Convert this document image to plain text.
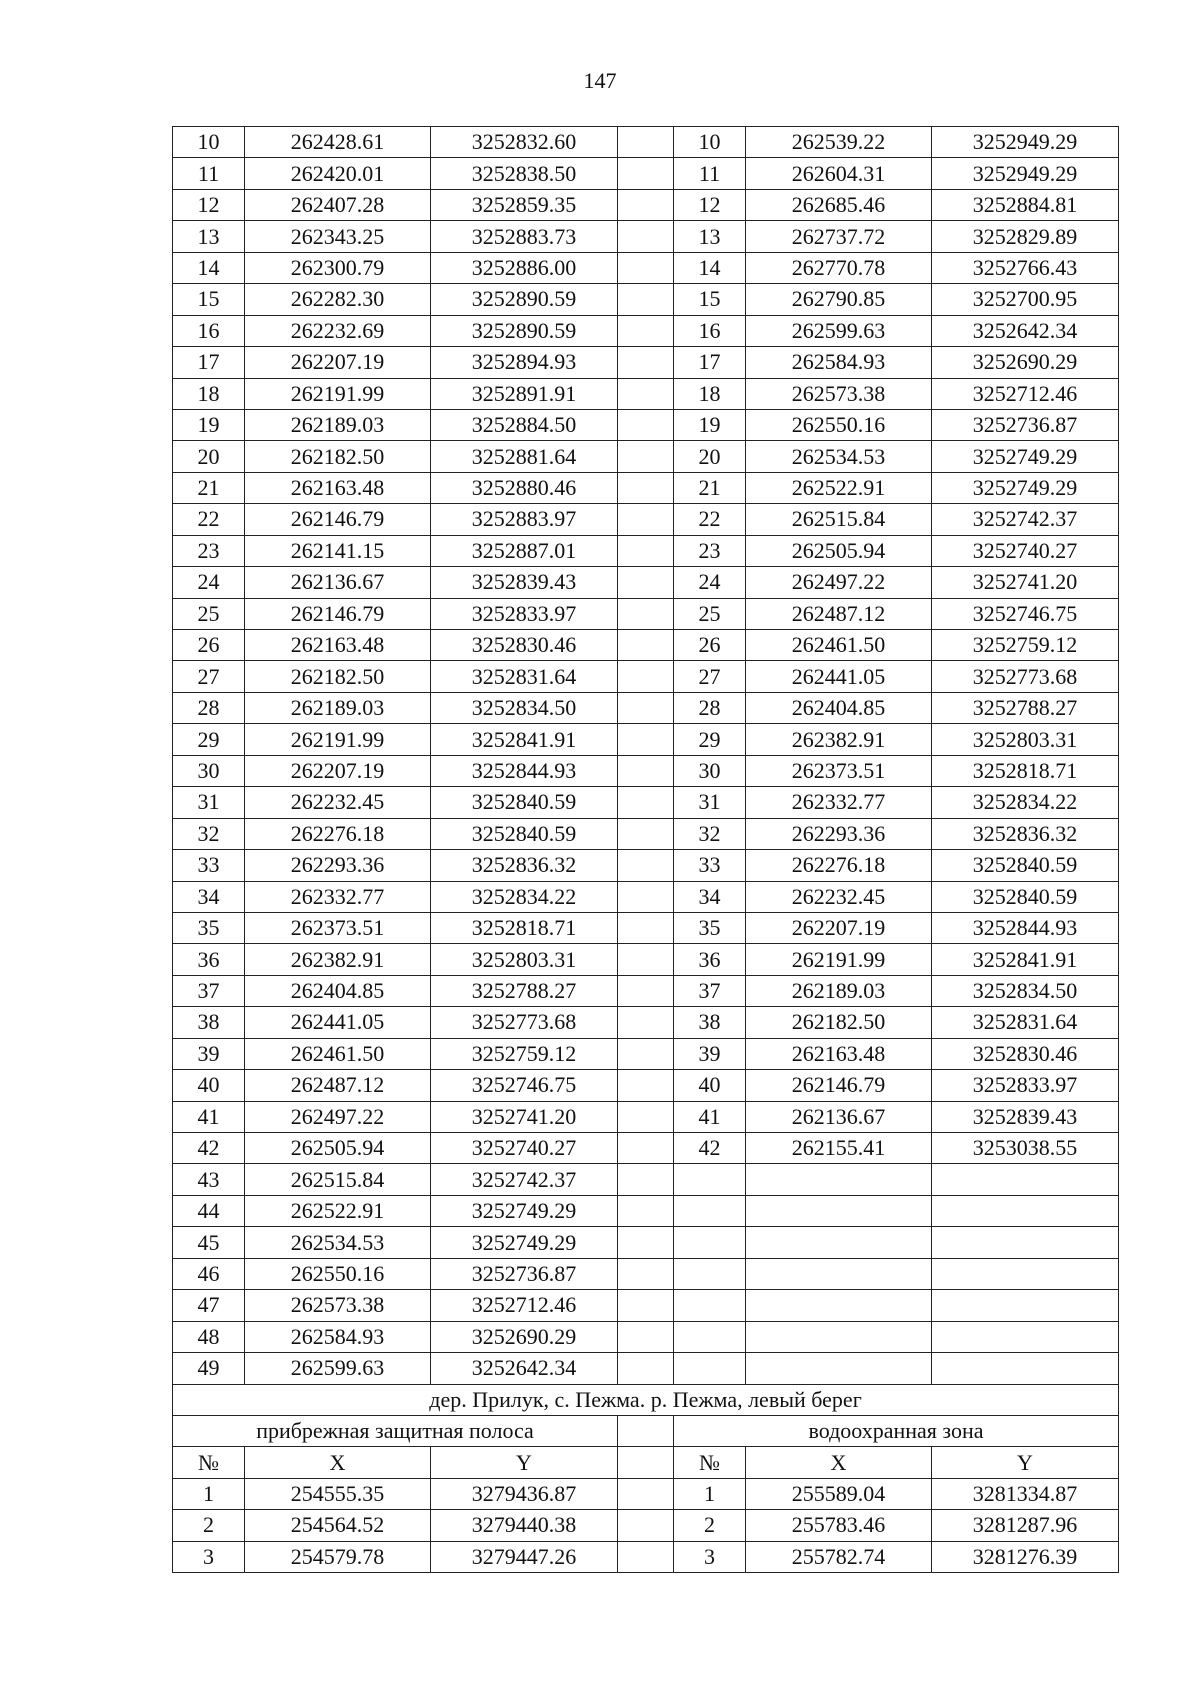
147
10	262428.61	3252832.60		10	262539.22	3252949.29
11	262420.01	3252838.50		11	262604.31	3252949.29
12	262407.28	3252859.35		12	262685.46	3252884.81
13	262343.25	3252883.73		13	262737.72	3252829.89
14	262300.79	3252886.00		14	262770.78	3252766.43
15	262282.30	3252890.59		15	262790.85	3252700.95
16	262232.69	3252890.59		16	262599.63	3252642.34
17	262207.19	3252894.93		17	262584.93	3252690.29
18	262191.99	3252891.91		18	262573.38	3252712.46
19	262189.03	3252884.50		19	262550.16	3252736.87
20	262182.50	3252881.64		20	262534.53	3252749.29
21	262163.48	3252880.46		21	262522.91	3252749.29
22	262146.79	3252883.97		22	262515.84	3252742.37
23	262141.15	3252887.01		23	262505.94	3252740.27
24	262136.67	3252839.43		24	262497.22	3252741.20
25	262146.79	3252833.97		25	262487.12	3252746.75
26	262163.48	3252830.46		26	262461.50	3252759.12
27	262182.50	3252831.64		27	262441.05	3252773.68
28	262189.03	3252834.50		28	262404.85	3252788.27
29	262191.99	3252841.91		29	262382.91	3252803.31
30	262207.19	3252844.93		30	262373.51	3252818.71
31	262232.45	3252840.59		31	262332.77	3252834.22
32	262276.18	3252840.59		32	262293.36	3252836.32
33	262293.36	3252836.32		33	262276.18	3252840.59
34	262332.77	3252834.22		34	262232.45	3252840.59
35	262373.51	3252818.71		35	262207.19	3252844.93
36	262382.91	3252803.31		36	262191.99	3252841.91
37	262404.85	3252788.27		37	262189.03	3252834.50
38	262441.05	3252773.68		38	262182.50	3252831.64
39	262461.50	3252759.12		39	262163.48	3252830.46
40	262487.12	3252746.75		40	262146.79	3252833.97
41	262497.22	3252741.20		41	262136.67	3252839.43
42	262505.94	3252740.27		42	262155.41	3253038.55
43	262515.84	3252742.37				
44	262522.91	3252749.29				
45	262534.53	3252749.29				
46	262550.16	3252736.87				
47	262573.38	3252712.46				
48	262584.93	3252690.29				
49	262599.63	3252642.34				
дер. Прилук, с. Пежма. р. Пежма, левый берег						
прибрежная защитная полоса				водоохранная зона		
№	X	Y		№	X	Y
1	254555.35	3279436.87		1	255589.04	3281334.87
2	254564.52	3279440.38		2	255783.46	3281287.96
3	254579.78	3279447.26		3	255782.74	3281276.39
